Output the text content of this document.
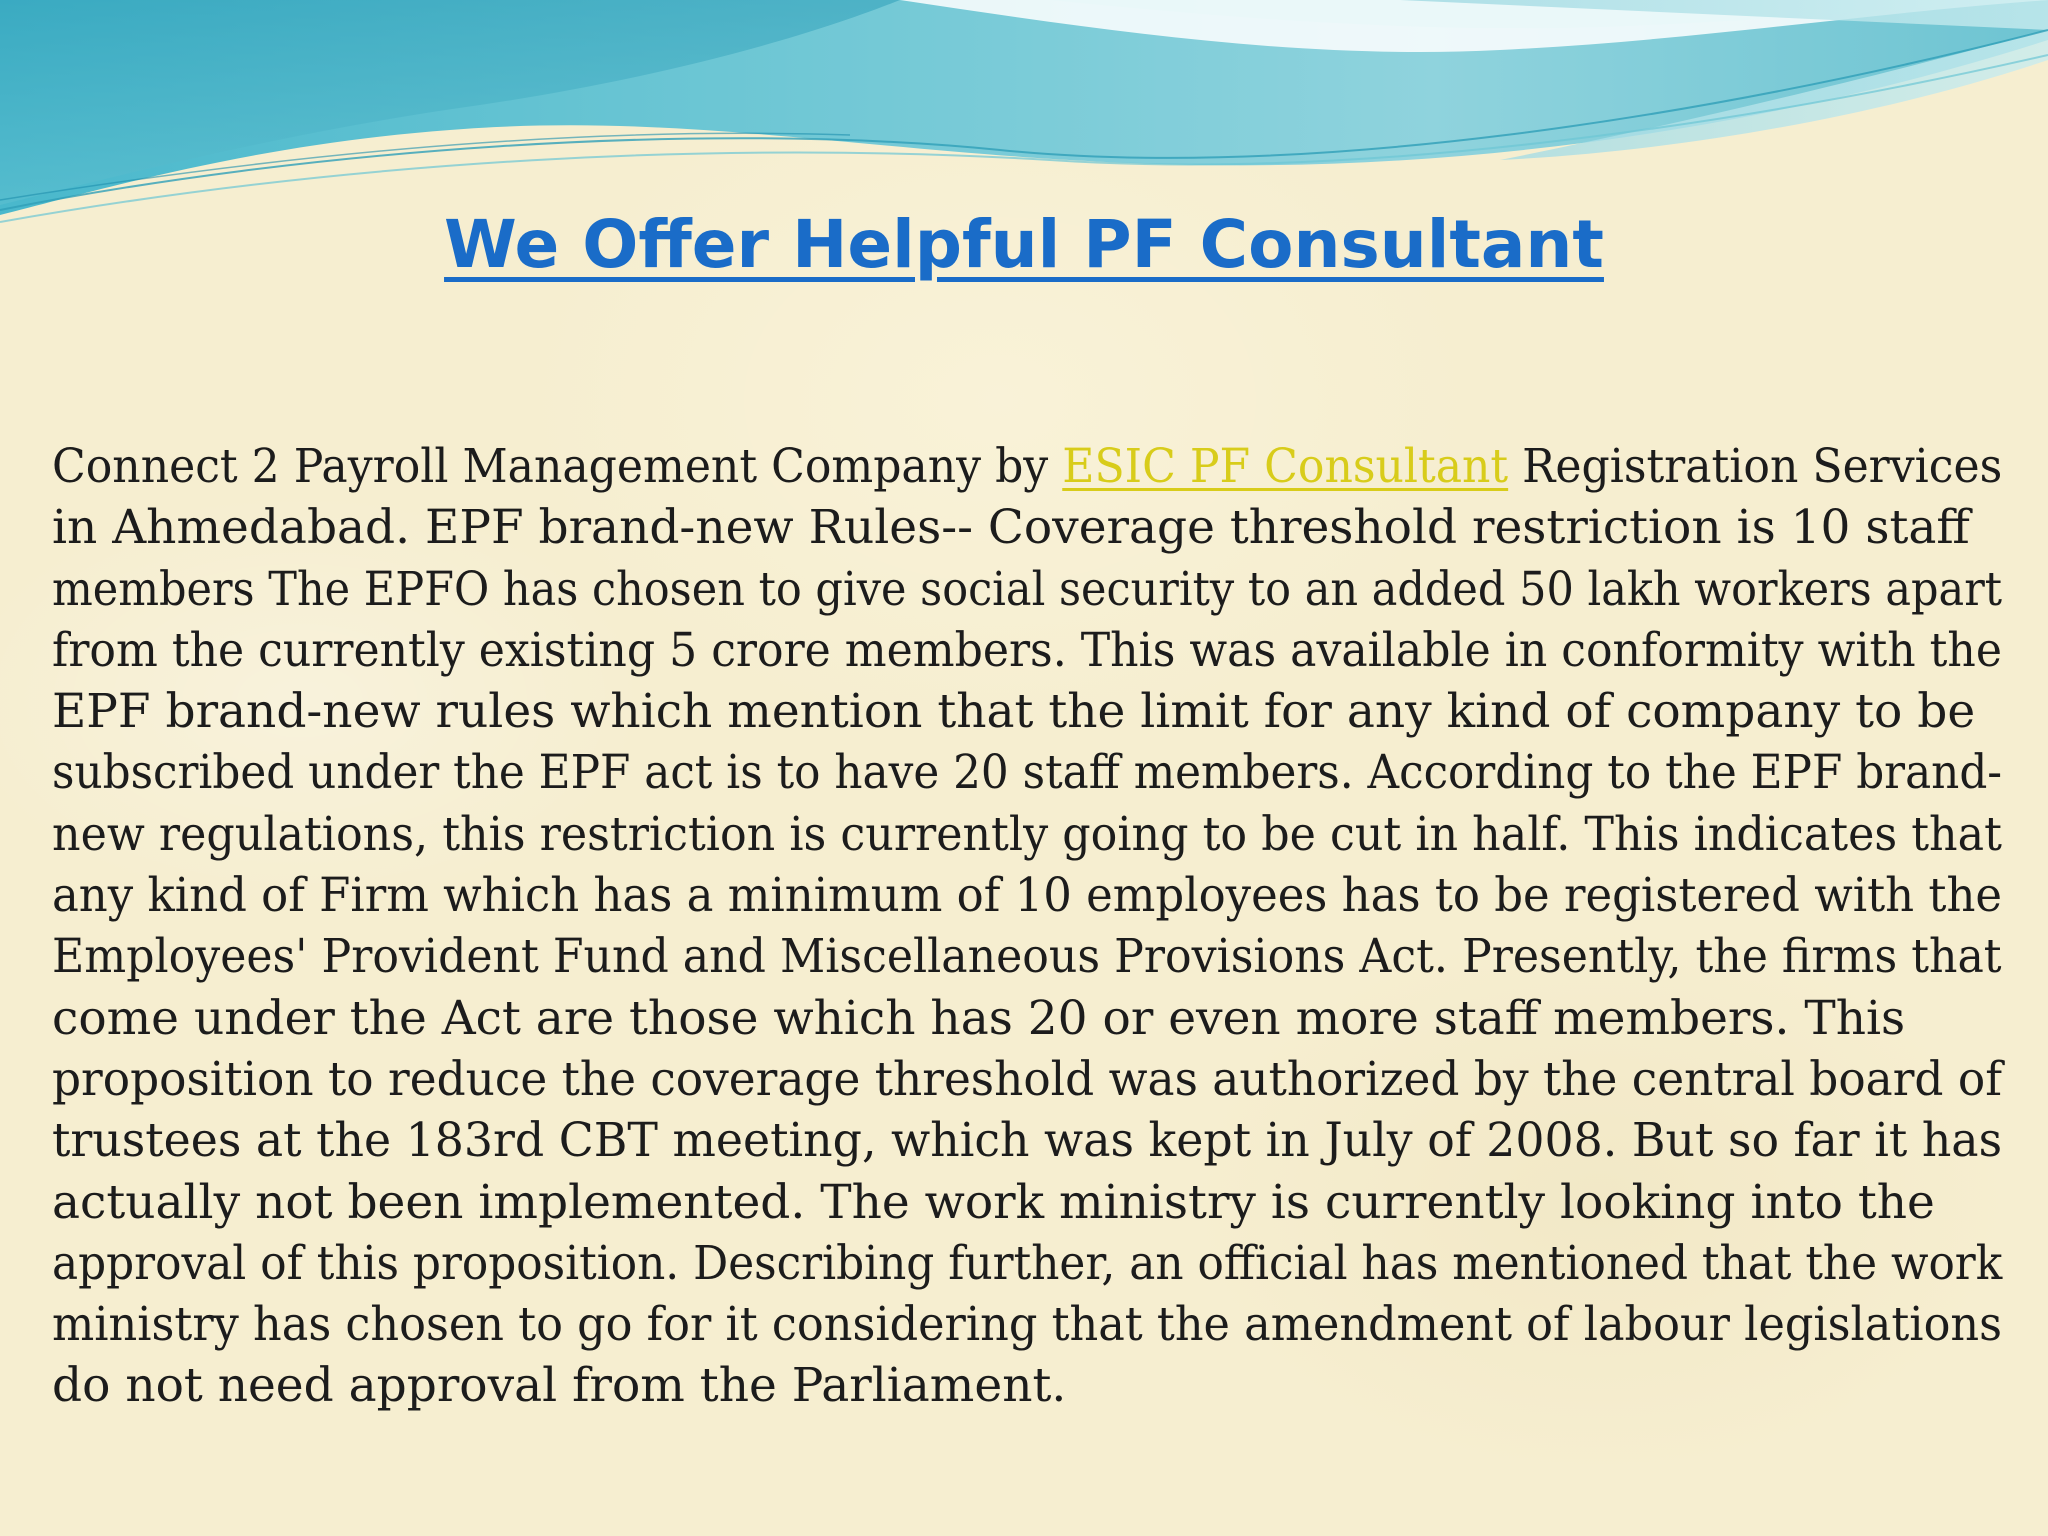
We Offer Helpful PF Consultant
Connect 2 Payroll Management Company by ESIC PF Consultant Registration Services
in Ahmedabad. EPF brand-new Rules-- Coverage threshold restriction is 10 staff
members The EPFO has chosen to give social security to an added 50 lakh workers apart
from the currently existing 5 crore members. This was available in conformity with the
EPF brand-new rules which mention that the limit for any kind of company to be
subscribed under the EPF act is to have 20 staff members. According to the EPF brand-
new regulations, this restriction is currently going to be cut in half. This indicates that
any kind of Firm which has a minimum of 10 employees has to be registered with the
Employees' Provident Fund and Miscellaneous Provisions Act. Presently, the firms that
come under the Act are those which has 20 or even more staff members. This
proposition to reduce the coverage threshold was authorized by the central board of
trustees at the 183rd CBT meeting, which was kept in July of 2008. But so far it has
actually not been implemented. The work ministry is currently looking into the
approval of this proposition. Describing further, an official has mentioned that the work
ministry has chosen to go for it considering that the amendment of labour legislations
do not need approval from the Parliament.
